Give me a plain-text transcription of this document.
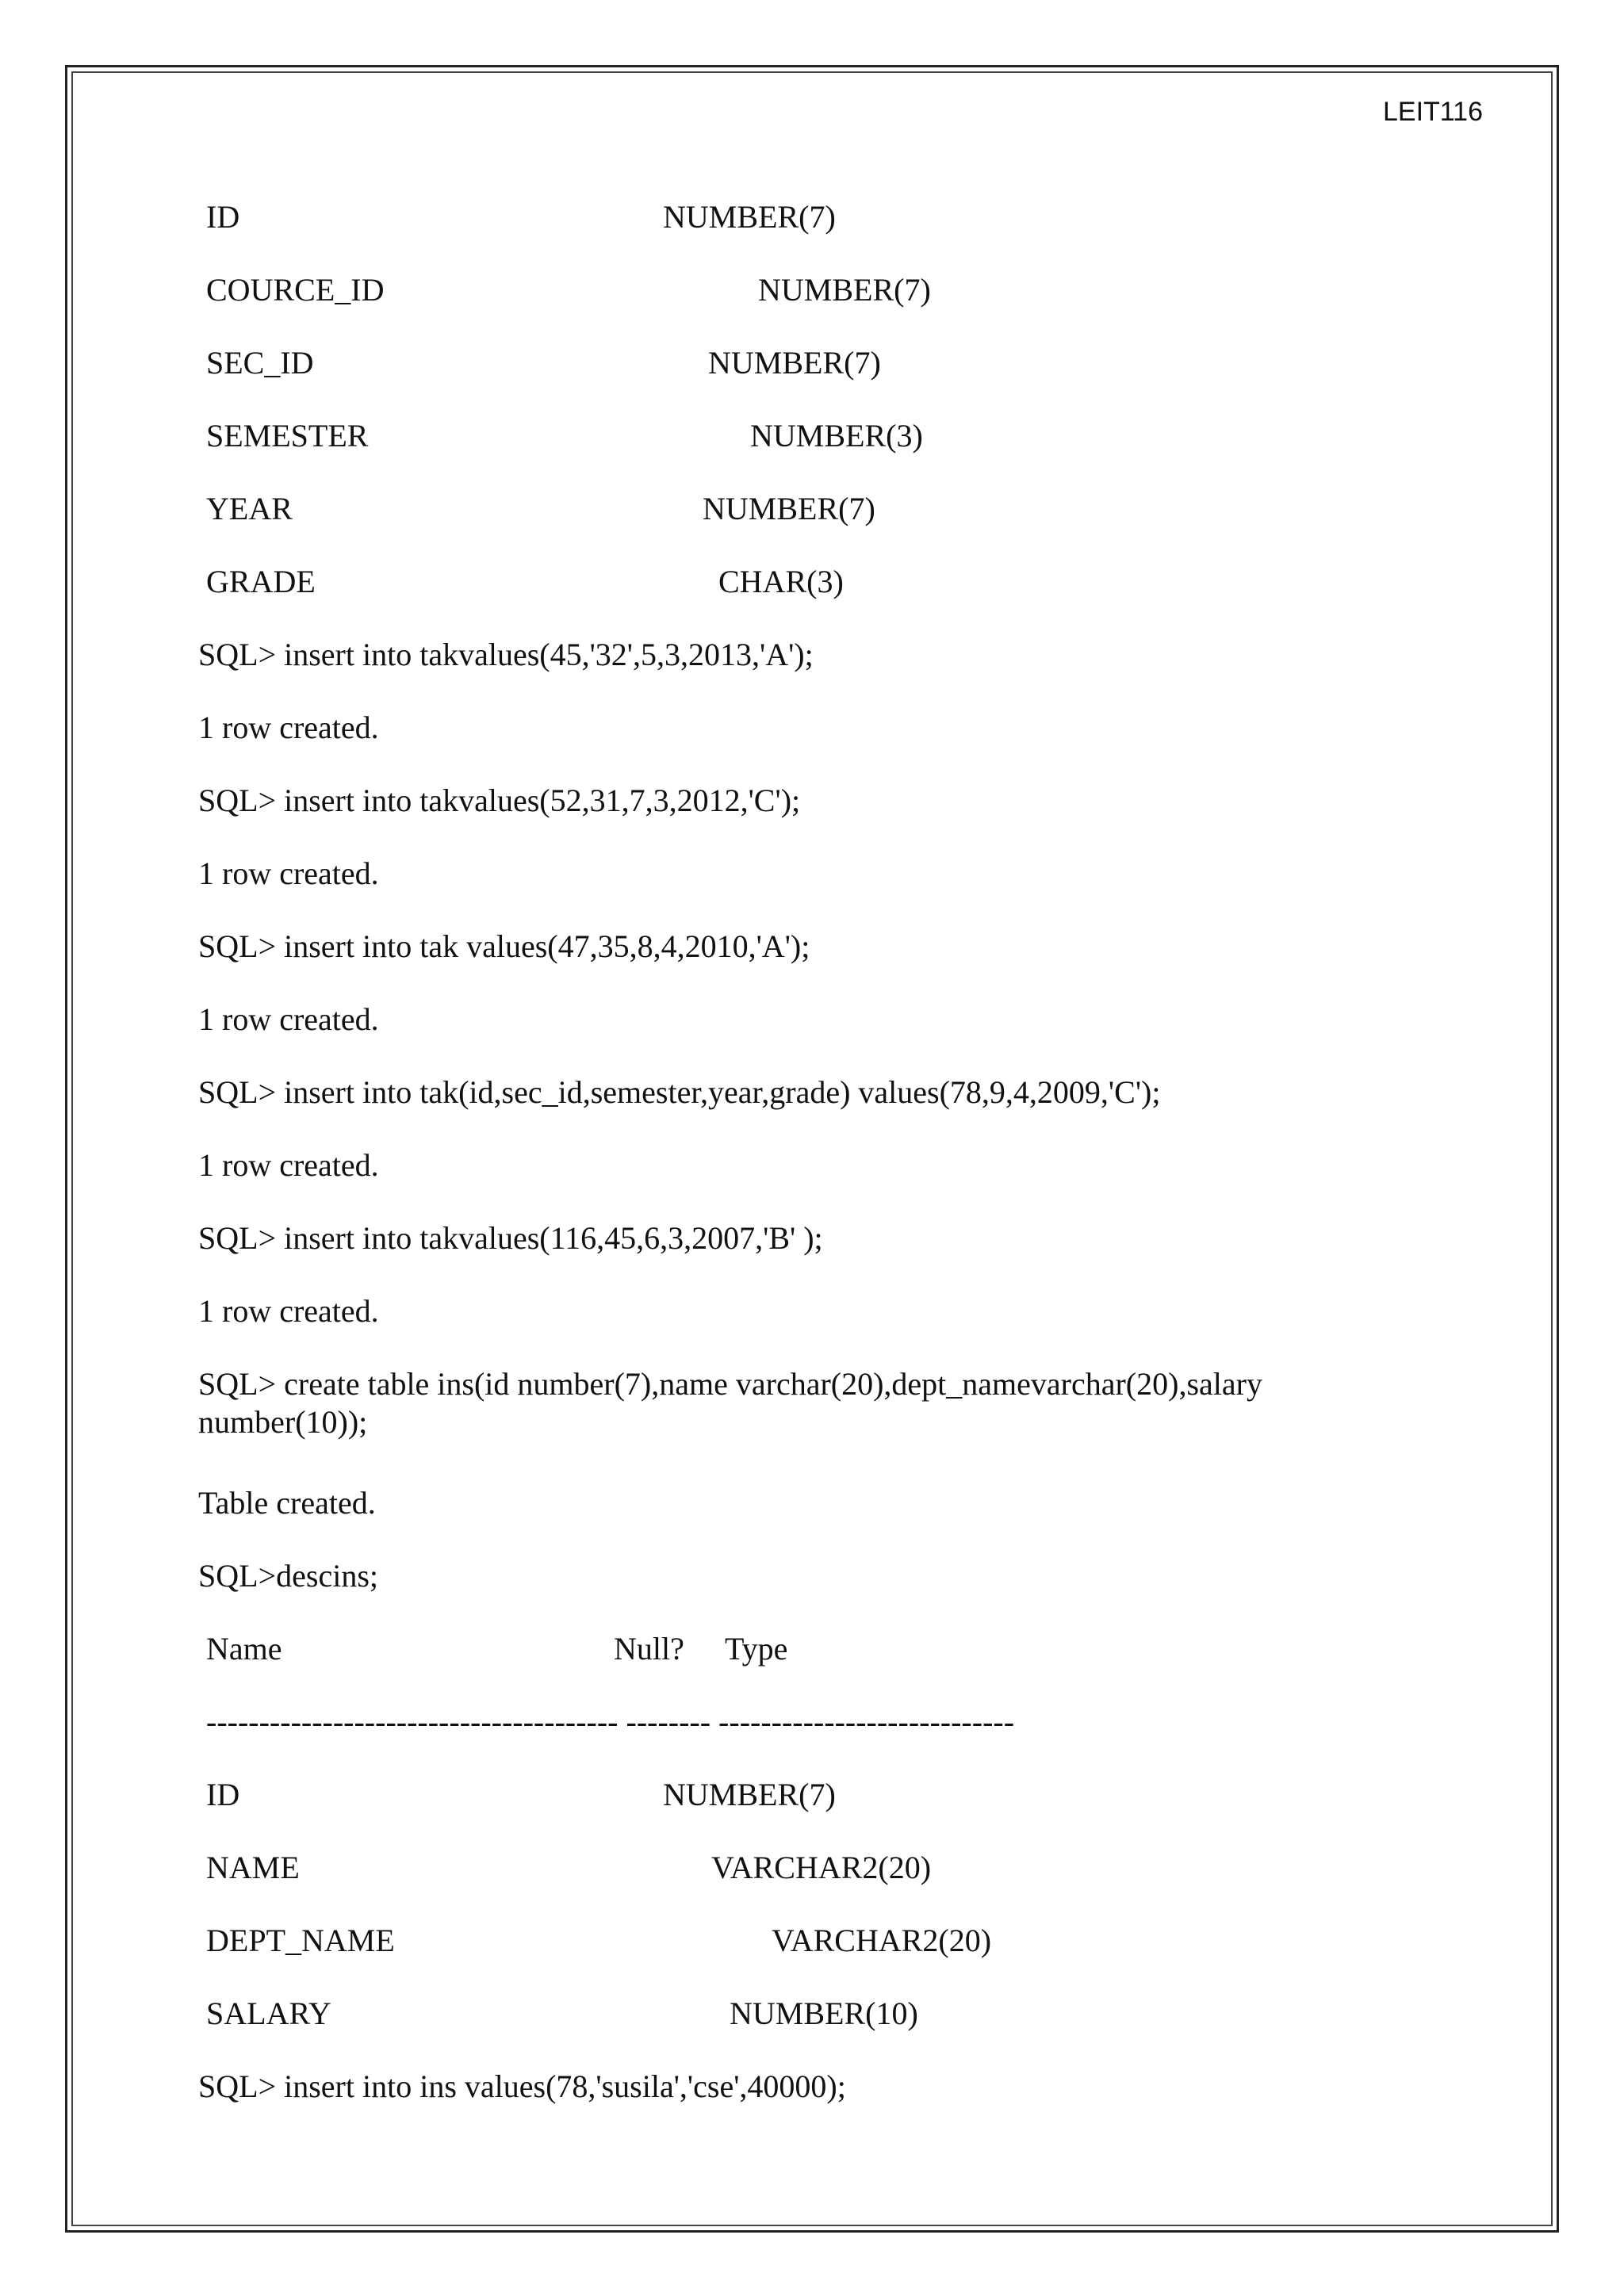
LEIT116
ID	NUMBER(7)
COURCE_ID	NUMBER(7)
SEC_ID	NUMBER(7)
SEMESTER	NUMBER(3)
YEAR	NUMBER(7)
GRADE	CHAR(3)
SQL> insert into takvalues(45,'32',5,3,2013,'A');
1 row created.
SQL> insert into takvalues(52,31,7,3,2012,'C');
1 row created.
SQL> insert into tak values(47,35,8,4,2010,'A');
1 row created.
SQL> insert into tak(id,sec_id,semester,year,grade) values(78,9,4,2009,'C');
1 row created.
SQL> insert into takvalues(116,45,6,3,2007,'B' );
1 row created.
SQL> create table ins(id number(7),name varchar(20),dept_namevarchar(20),salary number(10));
Table created.
SQL>descins;
Name	Null? Type
--------------------------------------- -------- ----------------------------
ID	NUMBER(7)
NAME	VARCHAR2(20)
DEPT_NAME	VARCHAR2(20)
SALARY	NUMBER(10)
SQL> insert into ins values(78,'susila','cse',40000);
